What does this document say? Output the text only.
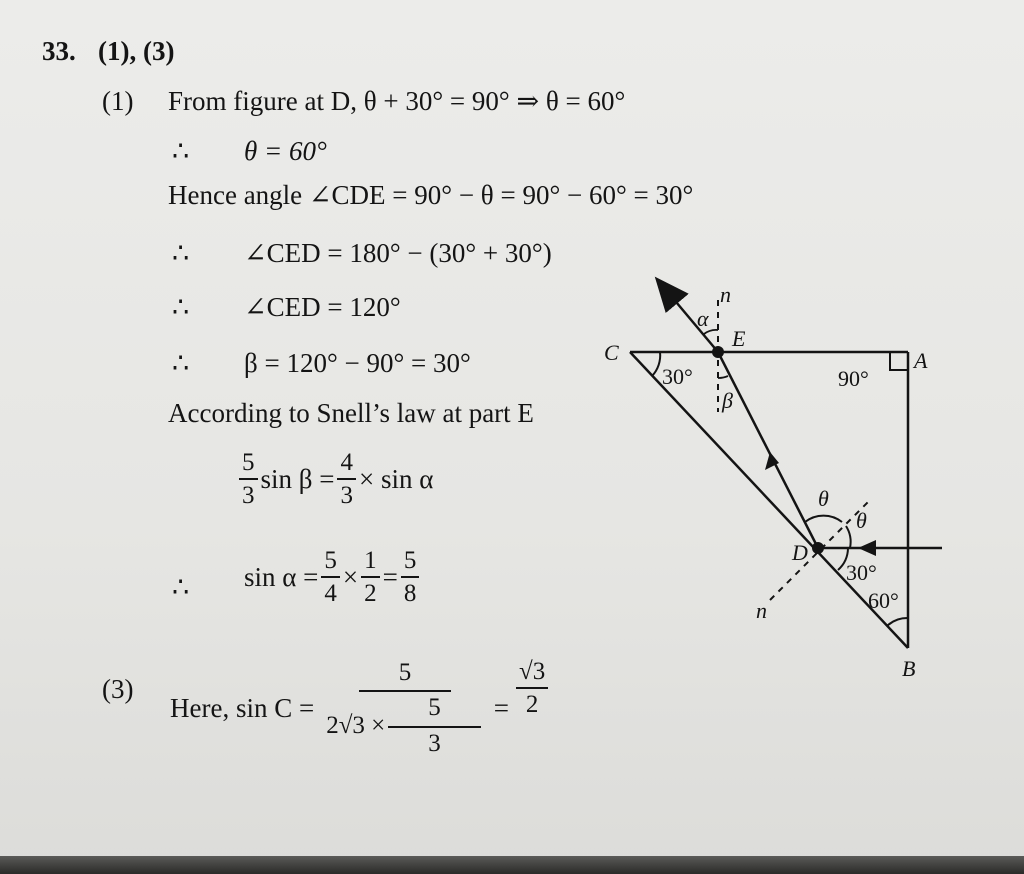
33. (1), (3)
(1) From figure at D, θ + 30° = 90° ⇒ θ = 60°
∴ θ = 60°
Hence angle ∠CDE = 90° − θ = 90° − 60° = 30°
∴ ∠CED = 180° − (30° + 30°)
∴ ∠CED = 120°
∴ β = 120° − 90° = 30°
According to Snell’s law at part E
$\frac{5}{3}$ $\sin \beta = \frac{4}{3} \times \sin \alpha$
∴ $\sin \alpha = \frac{5}{4} \times \frac{1}{2} = \frac{5}{8}$
(3)
Here, $\sin C = \frac{5}{2√3 \times \frac{5}{3}} = \frac{√3}{2}$
C	A
B
E
D
n
n
30°	90°
60°
30°
α
β
θ
θ
